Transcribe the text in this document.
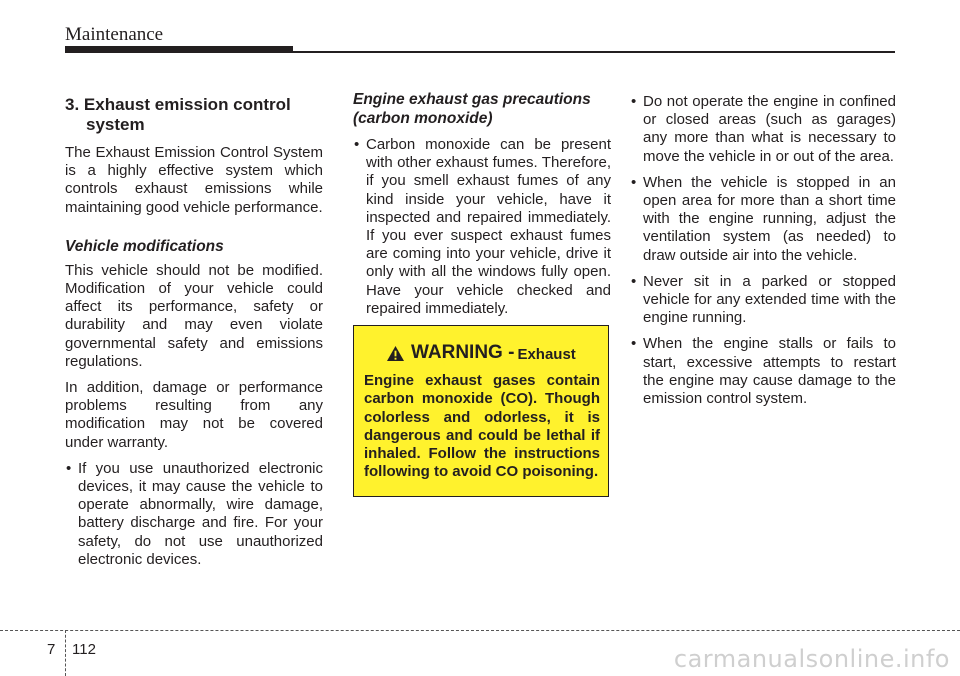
Maintenance
3. Exhaust emission control system

The Exhaust Emission Control System is a highly effective system which controls exhaust emissions while maintaining good vehicle performance.

Vehicle modifications

This vehicle should not be modified. Modification of your vehicle could affect its performance, safety or durability and may even violate governmental safety and emissions regulations.

In addition, damage or performance problems resulting from any modification may not be covered under warranty.

• If you use unauthorized electronic devices, it may cause the vehicle to operate abnormally, wire damage, battery discharge and fire. For your safety, do not use unauthorized electronic devices.
Engine exhaust gas precautions (carbon monoxide)
• Carbon monoxide can be present with other exhaust fumes. Therefore, if you smell exhaust fumes of any kind inside your vehicle, have it inspected and repaired immediately. If you ever suspect exhaust fumes are coming into your vehicle, drive it only with all the windows fully open. Have your vehicle checked and repaired immediately.
WARNING - Exhaust

Engine exhaust gases contain carbon monoxide (CO). Though colorless and odorless, it is dangerous and could be lethal if inhaled. Follow the instructions following to avoid CO poisoning.

• Do not operate the engine in confined or closed areas (such as garages) any more than what is necessary to move the vehicle in or out of the area.
• When the vehicle is stopped in an open area for more than a short time with the engine running, adjust the ventilation system (as needed) to draw outside air into the vehicle.
• Never sit in a parked or stopped vehicle for any extended time with the engine running.
• When the engine stalls or fails to start, excessive attempts to restart the engine may cause damage to the emission control system.
7 112	carmanualsonline.info
